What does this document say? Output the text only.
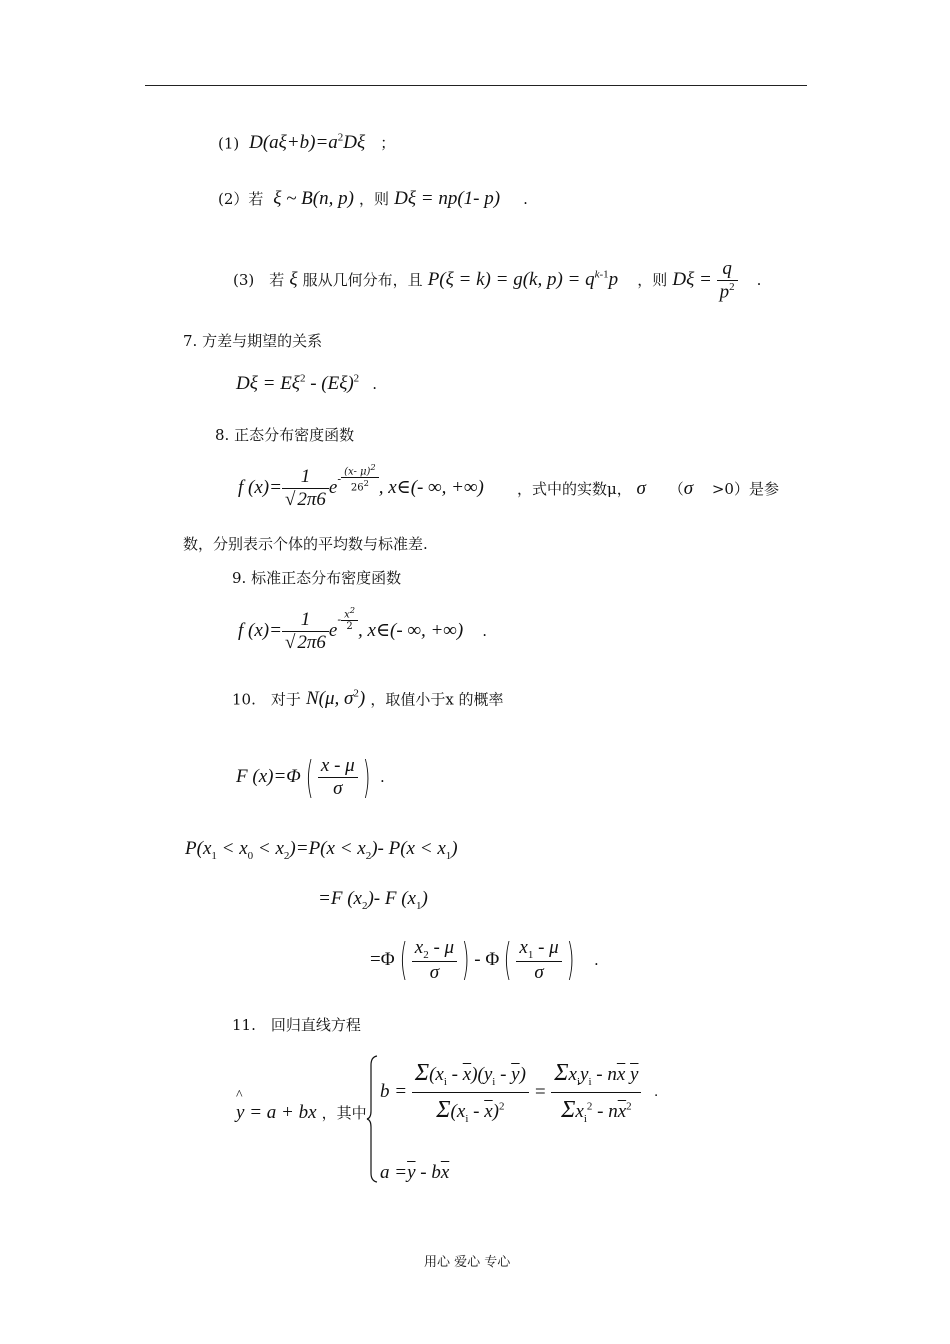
(1)  $D(a\xi+b)=a^2D\xi$ ；
(2）若  ξ ~ B(n, p) ，则 Dξ = np(1- p) .
(3)　若 ξ 服从几何分布，且 P(ξ = k) = g(k, $p) = q^{k-1}p$ ，则 $D\xi = \frac{q}{p^2}$ .
7. 方差与期望的关系
$D\xi = E\xi^2 - (E\xi)^2$ .
8. 正态分布密度函数
f $(x)= \frac{1}{√ 2\pi 6} e- \frac{(x- \mu)^2}{26^2}$ , x∈(- ∞, +∞) ，式中的实数μ， σ （σ >0）是参
数，分别表示个体的平均数与标准差.
9. 标准正态分布密度函数
f $(x)= \frac{1}{√ 2\pi 6} e- \frac{x^2}{2}$ , x∈(- ∞, +∞) .
10.　对于 N(μ, $\sigma^2$) ，取值小于x 的概率
F (x)=Φ ( $\frac{x - \mu}{\sigma}$ ) .
$P(x_1 < x_0 < x_2)=P(x < x_2)-$ $P(x < x_1)$
=F $(x_2)-$ F $(x_1)$
=Φ ( $\frac{x_2 - \mu}{\sigma}$ ) - Φ ( $\frac{x_1 - \mu}{\sigma}$ ) .
11.　回归直线方程
y
^
= a + bx ，其中
$b = \frac{\Sigma(x_i - \overline{x})(y_i - \overline{y})}{\Sigma(x_i - \overline{x})^2} = \frac{\Sigma x_iy_i - n\overline{x} \overline{y}}{\Sigma x_i^2 - n\overline{x}^2}$ .
$a =\overline{y} - b\overline{x}$
用心 爱心 专心
